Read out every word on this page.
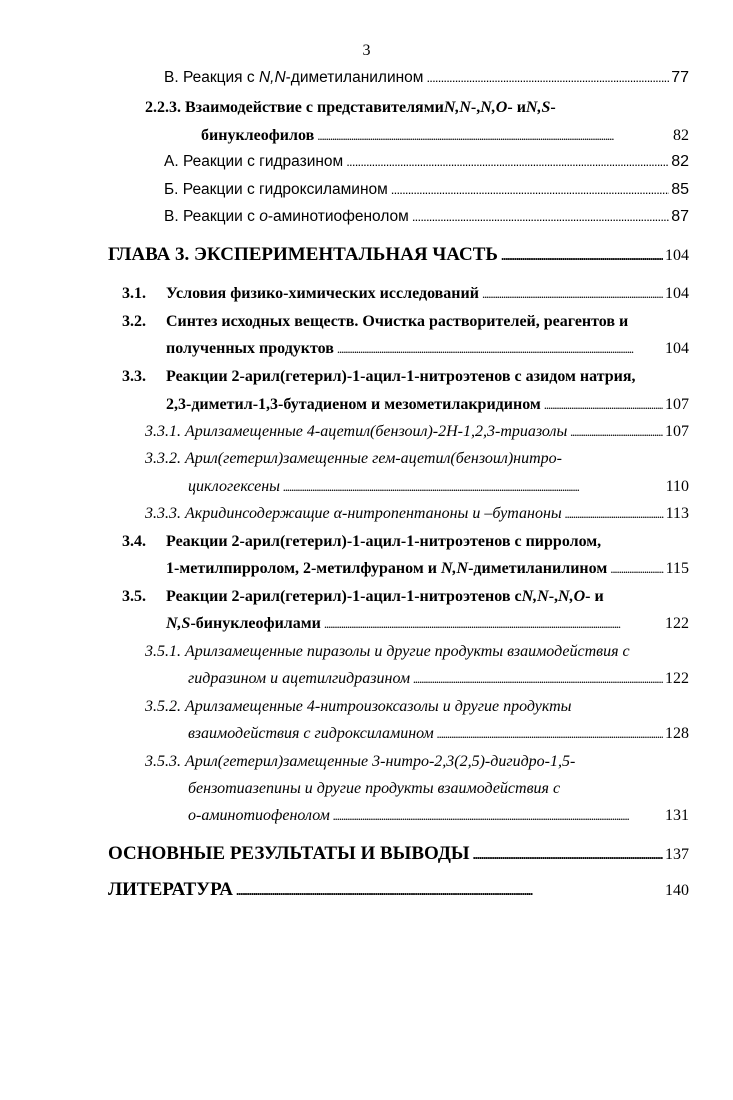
3
В. Реакция с N,N-диметиланилином . . .	77
2.2.3.
Взаимодействие с представителями N,N -, N,O - и N,S -
бинуклеофилов . . .	82
А. Реакции с гидразином . . .	82
Б. Реакции с гидроксиламином . . .	85
В. Реакции с о-аминотиофенолом . . .	87
ГЛАВА 3. ЭКСПЕРИМЕНТАЛЬНАЯ ЧАСТЬ . . .	104
3.1. Условия физико-химических исследований . . .	104
3.2.	Синтез исходных веществ. Очистка растворителей, реагентов и
полученных продуктов . . .	104
3.3.	Реакции 2-арил(гетерил)-1-ацил-1-нитроэтенов с азидом натрия,
2,3-диметил-1,3-бутадиеном и мезометилакридином . . .	107
3.3.1. Арилзамещенные 4-ацетил(бензоил)-2H-1,2,3-триазолы . . .	107
3.3.2. Арил(гетерил)замещенные гем-ацетил(бензоил)нитро-
циклогексены . . .	110
3.3.3. Акридинсодержащие α-нитропентаноны и –бутаноны . . .	113
3.4.	Реакции 2-арил(гетерил)-1-ацил-1-нитроэтенов с пирролом,
1-метилпирролом, 2-метилфураном и N,N-диметиланилином . . .	115
3.5.	Реакции 2-арил(гетерил)-1-ацил-1-нитроэтенов с N,N -, N,O - и
N,S-бинуклеофилами . . .	122
3.5.1. Арилзамещенные пиразолы и другие продукты взаимодействия с
гидразином и ацетилгидразином . . .	122
3.5.2. Арилзамещенные 4-нитроизоксазолы и другие продукты
взаимодействия с гидроксиламином . . .	128
3.5.3. Арил(гетерил)замещенные 3-нитро-2,3(2,5)-дигидро-1,5-
бензотиазепины и другие продукты взаимодействия с
о-аминотиофенолом . . .	131
ОСНОВНЫЕ РЕЗУЛЬТАТЫ И ВЫВОДЫ . . .	137
ЛИТЕРАТУРА . . .	140
